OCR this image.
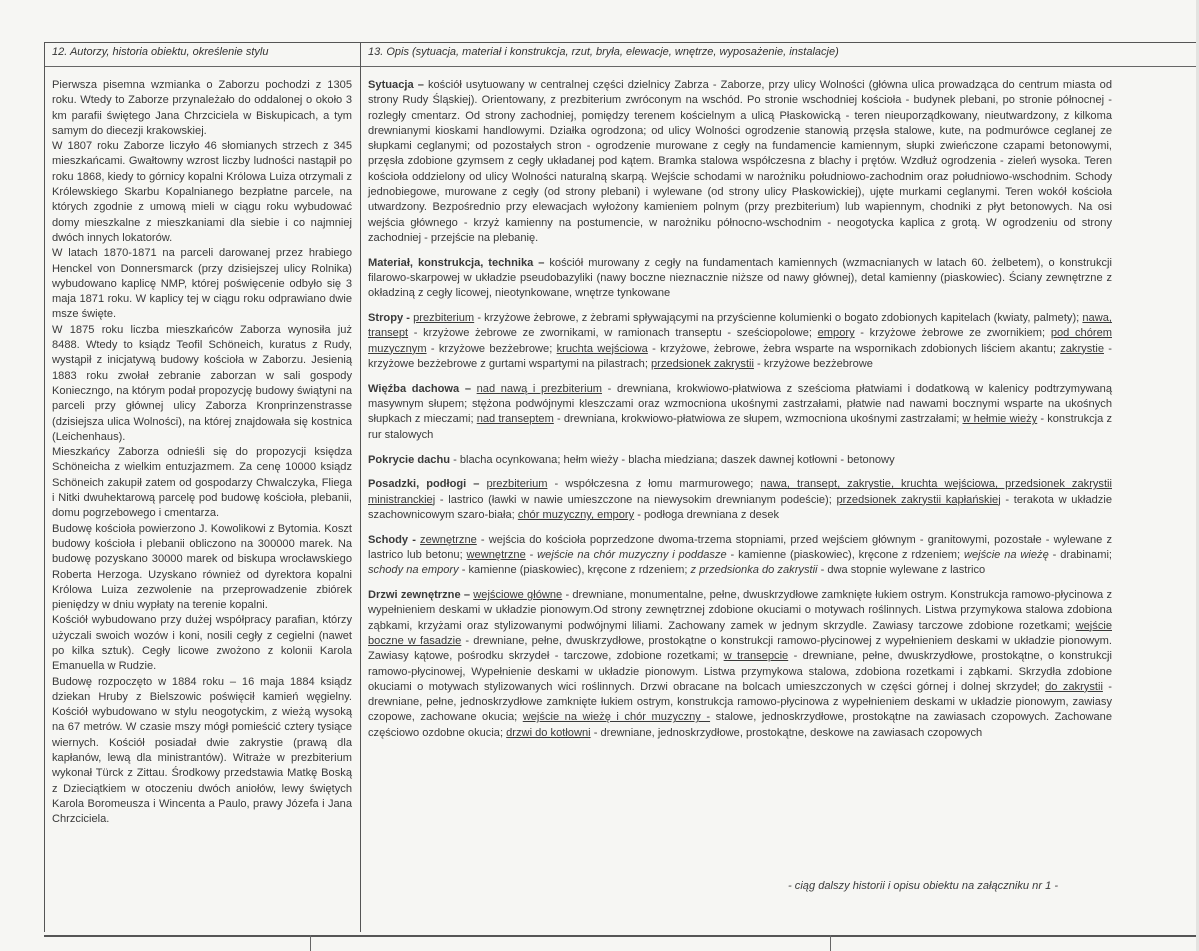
12. Autorzy, historia obiektu, określenie stylu	13. Opis (sytuacja, materiał i konstrukcja, rzut, bryła, elewacje, wnętrze, wyposażenie, instalacje)

Pierwsza pisemna wzmianka o Zaborzu pochodzi z 1305 roku. Wtedy to Zaborze przynależało do oddalonej o około 3 km parafii świętego Jana Chrzciciela w Biskupicach, a tym samym do diecezji krakowskiej.

W 1807 roku Zaborze liczyło 46 słomianych strzech z 345 mieszkańcami. Gwałtowny wzrost liczby ludności nastąpił po roku 1868, kiedy to górnicy kopalni Królowa Luiza otrzymali z Królewskiego Skarbu Kopalnianego bezpłatne parcele, na których zgodnie z umową mieli w ciągu roku wybudować domy mieszkalne z mieszkaniami dla siebie i co najmniej dwóch innych lokatorów.

W latach 1870-1871 na parceli darowanej przez hrabiego Henckel von Donnersmarck (przy dzisiejszej ulicy Rolnika) wybudowano kaplicę NMP, której poświęcenie odbyło się 3 maja 1871 roku. W kaplicy tej w ciągu roku odprawiano dwie msze święte.

W 1875 roku liczba mieszkańców Zaborza wynosiła już 8488. Wtedy to ksiądz Teofil Schöneich, kuratus z Rudy, wystąpił z inicjatywą budowy kościoła w Zaborzu. Jesienią 1883 roku zwołał zebranie zaborzan w sali gospody Konieczngo, na którym podał propozycję budowy świątyni na parceli przy głównej ulicy Zaborza Kronprinzenstrasse (dzisiejsza ulica Wolności), na której znajdowała się kostnica (Leichenhaus).

Mieszkańcy Zaborza odnieśli się do propozycji księdza Schöneicha z wielkim entuzjazmem. Za cenę 10000 ksiądz Schöneich zakupił zatem od gospodarzy Chwalczyka, Fliega i Nitki dwuhektarową parcelę pod budowę kościoła, plebanii, domu pogrzebowego i cmentarza.

Budowę kościoła powierzono J. Kowolikowi z Bytomia. Koszt budowy kościoła i plebanii obliczono na 300000 marek. Na budowę pozyskano 30000 marek od biskupa wrocławskiego Roberta Herzoga. Uzyskano również od dyrektora kopalni Królowa Luiza zezwolenie na przeprowadzenie zbiórek pieniędzy w dniu wypłaty na terenie kopalni.

Kościół wybudowano przy dużej współpracy parafian, którzy użyczali swoich wozów i koni, nosili cegły z cegielni (nawet po kilka sztuk). Cegły licowe zwożono z kolonii Karola Emanuella w Rudzie.

Budowę rozpoczęto w 1884 roku – 16 maja 1884 ksiądz dziekan Hruby z Bielszowic poświęcił kamień węgielny. Kościół wybudowano w stylu neogotyckim, z wieżą wysoką na 67 metrów. W czasie mszy mógł pomieścić cztery tysiące wiernych. Kościół posiadał dwie zakrystie (prawą dla kapłanów, lewą dla ministrantów). Witraże w prezbiterium wykonał Türck z Zittau. Środkowy przedstawia Matkę Boską z Dzieciątkiem w otoczeniu dwóch aniołów, lewy świętych Karola Boromeusza i Wincenta a Paulo, prawy Józefa i Jana Chrzciciela.

Sytuacja – kościół usytuowany w centralnej części dzielnicy Zabrza - Zaborze, przy ulicy Wolności (główna ulica prowadząca do centrum miasta od strony Rudy Śląskiej). Orientowany, z prezbiterium zwróconym na wschód. Po stronie wschodniej kościoła - budynek plebani, po stronie północnej - rozległy cmentarz. Od strony zachodniej, pomiędzy terenem kościelnym a ulicą Płaskowicką - teren nieuporządkowany, nieutwardzony, z kilkoma drewnianymi kioskami handlowymi. Działka ogrodzona; od ulicy Wolności ogrodzenie stanowią przęsła stalowe, kute, na podmurówce ceglanej ze słupkami ceglanymi; od pozostałych stron - ogrodzenie murowane z cegły na fundamencie kamiennym, słupki zwieńczone czapami betonowymi, przęsła zdobione gzymsem z cegły układanej pod kątem. Bramka stalowa współczesna z blachy i prętów. Wzdłuż ogrodzenia - zieleń wysoka. Teren kościoła oddzielony od ulicy Wolności naturalną skarpą. Wejście schodami w narożniku południowo-zachodnim oraz południowo-wschodnim. Schody jednobiegowe, murowane z cegły (od strony plebani) i wylewane (od strony ulicy Płaskowickiej), ujęte murkami ceglanymi. Teren wokół kościoła utwardzony. Bezpośrednio przy elewacjach wyłożony kamieniem polnym (przy prezbiterium) lub wapiennym, chodniki z płyt betonowych. Na osi wejścia głównego - krzyż kamienny na postumencie, w narożniku północno-wschodnim - neogotycka kaplica z grotą. W ogrodzeniu od strony zachodniej - przejście na plebanię.

Materiał, konstrukcja, technika – kościół murowany z cegły na fundamentach kamiennych (wzmacnianych w latach 60. żelbetem), o konstrukcji filarowo-skarpowej w układzie pseudobazyliki (nawy boczne nieznacznie niższe od nawy głównej), detal kamienny (piaskowiec). Ściany zewnętrzne z okładziną z cegły licowej, nieotynkowane, wnętrze tynkowane

Stropy - prezbiterium - krzyżowe żebrowe, z żebrami spływającymi na przyścienne kolumienki o bogato zdobionych kapitelach (kwiaty, palmety); nawa, transept - krzyżowe żebrowe ze zwornikami, w ramionach transeptu - sześciopolowe; empory - krzyżowe żebrowe ze zwornikiem; pod chórem muzycznym - krzyżowe bezżebrowe; kruchta wejściowa - krzyżowe, żebrowe, żebra wsparte na wspornikach zdobionych liściem akantu; zakrystie - krzyżowe bezżebrowe z gurtami wspartymi na pilastrach; przedsionek zakrystii - krzyżowe bezżebrowe

Więźba dachowa – nad nawą i prezbiterium - drewniana, krokwiowo-płatwiowa z sześcioma płatwiami i dodatkową w kalenicy podtrzymywaną masywnym słupem; stężona podwójnymi kleszczami oraz wzmocniona ukośnymi zastrzałami, płatwie nad nawami bocznymi wsparte na ukośnych słupkach z mieczami; nad transeptem - drewniana, krokwiowo-płatwiowa ze słupem, wzmocniona ukośnymi zastrzałami; w hełmie wieży - konstrukcja z rur stalowych

Pokrycie dachu - blacha ocynkowana; hełm wieży - blacha miedziana; daszek dawnej kotłowni - betonowy

Posadzki, podłogi – prezbiterium - współczesna z łomu marmurowego; nawa, transept, zakrystie, kruchta wejściowa, przedsionek zakrystii ministranckiej - lastrico (ławki w nawie umieszczone na niewysokim drewnianym podeście); przedsionek zakrystii kapłańskiej - terakota w układzie szachownicowym szaro-biała; chór muzyczny, empory - podłoga drewniana z desek

Schody - zewnętrzne - wejścia do kościoła poprzedzone dwoma-trzema stopniami, przed wejściem głównym - granitowymi, pozostałe - wylewane z lastrico lub betonu; wewnętrzne - wejście na chór muzyczny i poddasze - kamienne (piaskowiec), kręcone z rdzeniem; wejście na wieżę - drabinami; schody na empory - kamienne (piaskowiec), kręcone z rdzeniem; z przedsionka do zakrystii - dwa stopnie wylewane z lastrico

Drzwi zewnętrzne – wejściowe główne - drewniane, monumentalne, pełne, dwuskrzydłowe zamknięte łukiem ostrym. Konstrukcja ramowo-płycinowa z wypełnieniem deskami w układzie pionowym.Od strony zewnętrznej zdobione okuciami o motywach roślinnych. Listwa przymykowa stalowa zdobiona ząbkami, krzyżami oraz stylizowanymi podwójnymi liliami. Zachowany zamek w jednym skrzydle. Zawiasy tarczowe zdobione rozetkami; wejście boczne w fasadzie - drewniane, pełne, dwuskrzydłowe, prostokątne o konstrukcji ramowo-płycinowej z wypełnieniem deskami w układzie pionowym. Zawiasy kątowe, pośrodku skrzydeł - tarczowe, zdobione rozetkami; w transepcie - drewniane, pełne, dwuskrzydłowe, prostokątne, o konstrukcji ramowo-płycinowej, Wypełnienie deskami w układzie pionowym. Listwa przymykowa stalowa, zdobiona rozetkami i ząbkami. Skrzydła zdobione okuciami o motywach stylizowanych wici roślinnych. Drzwi obracane na bolcach umieszczonych w części górnej i dolnej skrzydeł; do zakrystii - drewniane, pełne, jednoskrzydłowe zamknięte łukiem ostrym, konstrukcja ramowo-płycinowa z wypełnieniem deskami w układzie pionowym, zawiasy czopowe, zachowane okucia; wejście na wieżę i chór muzyczny - stalowe, jednoskrzydłowe, prostokątne na zawiasach czopowych. Zachowane częściowo ozdobne okucia; drzwi do kotłowni - drewniane, jednoskrzydłowe, prostokątne, deskowe na zawiasach czopowych

- ciąg dalszy historii i opisu obiektu na załączniku nr 1 -
